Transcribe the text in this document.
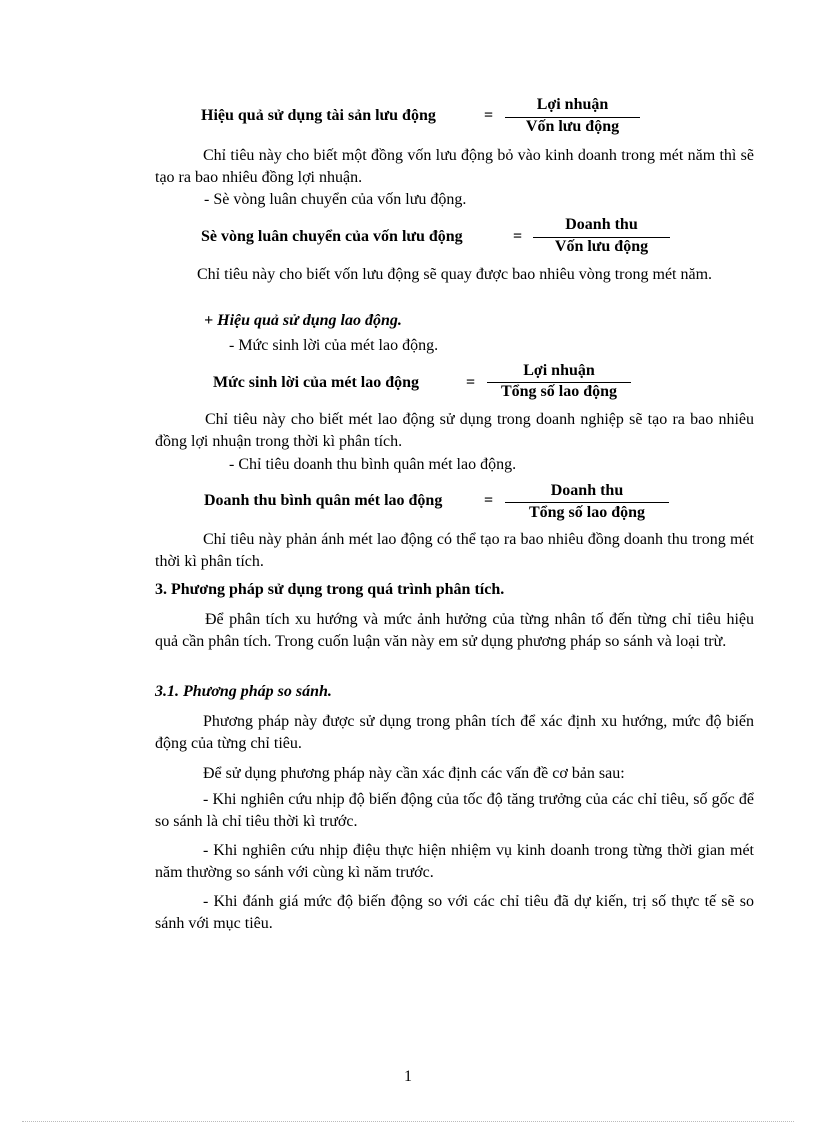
Hiệu quả sử dụng tài sản lưu động	=
Lợi nhuận
Vốn lưu động
Chỉ tiêu này cho biết một đồng vốn lưu động bỏ vào kinh doanh trong mét năm thì sẽ tạo ra bao nhiêu đồng lợi nhuận.
- Sè vòng luân chuyển của vốn lưu động.
Sè vòng luân chuyển của vốn lưu động	=
Doanh thu
Vốn lưu động
Chỉ tiêu này cho biết vốn lưu động sẽ quay được bao nhiêu vòng trong mét năm.
+ Hiệu quả sử dụng lao động.
- Mức sinh lời của mét lao động.
Mức sinh lời của mét lao động	=
Lợi nhuận
Tổng số lao động
Chỉ tiêu này cho biết mét lao động sử dụng trong doanh nghiệp sẽ tạo ra bao nhiêu đồng lợi nhuận trong thời kì phân tích.
- Chỉ tiêu doanh thu bình quân mét lao động.
Doanh thu bình quân mét lao động	=
Doanh thu
Tổng số lao động
Chỉ tiêu này phản ánh mét lao động có thể tạo ra bao nhiêu đồng doanh thu trong mét thời kì phân tích.
3. Phương pháp sử dụng trong quá trình phân tích.
Để phân tích xu hướng và mức ảnh hưởng của từng nhân tố đến từng chỉ tiêu hiệu quả cần phân tích. Trong cuốn luận văn này em sử dụng phương pháp so sánh và loại trừ.
3.1. Phương pháp so sánh.
Phương pháp này được sử dụng trong phân tích để xác định xu hướng, mức độ biến động của từng chỉ tiêu.
Để sử dụng phương pháp này cần xác định các vấn đề cơ bản sau:
- Khi nghiên cứu nhịp độ biến động của tốc độ tăng trưởng của các chỉ tiêu, số gốc để so sánh là chỉ tiêu thời kì trước.
- Khi nghiên cứu nhịp điệu thực hiện nhiệm vụ kinh doanh trong từng thời gian mét năm thường so sánh với cùng kì năm trước.
- Khi đánh giá mức độ biến động so với các chỉ tiêu đã dự kiến, trị số thực tế sẽ so sánh với mục tiêu.
1
